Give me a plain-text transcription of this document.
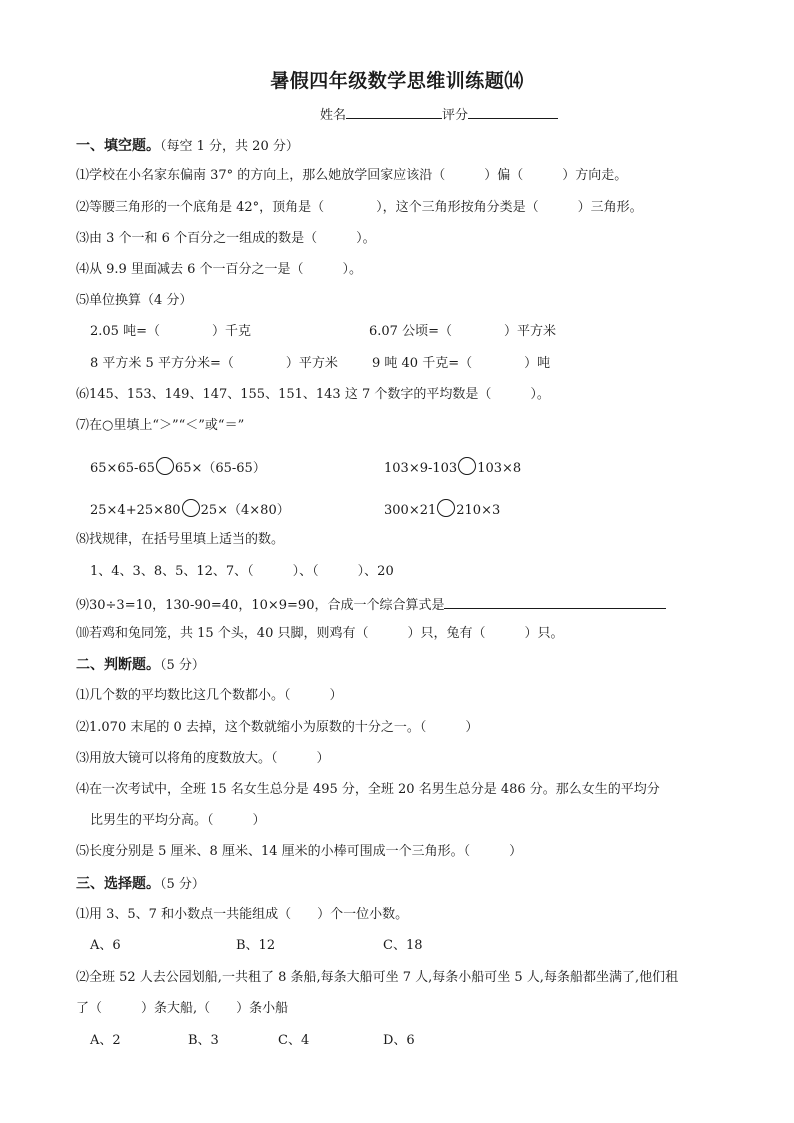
暑假四年级数学思维训练题⒁
姓名	评分
一、填空题。（每空 1 分，共 20 分）
⑴学校在小名家东偏南 37° 的方向上，那么她放学回家应该沿（　　　）偏（　　　）方向走。
⑵等腰三角形的一个底角是 42°，顶角是（　　　　），这个三角形按角分类是（　　　）三角形。
⑶由 3 个一和 6 个百分之一组成的数是（　　　）。
⑷从 9.9 里面减去 6 个一百分之一是（　　　）。
⑸单位换算（4 分）
2.05 吨=（　　　　）千克	6.07 公顷=（　　　　）平方米
8 平方米 5 平方分米=（　　　　）平方米	9 吨 40 千克=（　　　　）吨
⑹145、153、149、147、155、151、143 这 7 个数字的平均数是（　　　）。
⑺在○里填上“＞”“＜”或“＝”
65×65-65 65×（65-65）	103×9-103 103×8
25×4+25×80 25×（4×80）	300×21 210×3
⑻找规律，在括号里填上适当的数。
1、4、3、8、5、12、7、（　　　）、（　　　）、20
⑼30÷3=10，130-90=40，10×9=90，合成一个综合算式是
⑽若鸡和兔同笼，共 15 个头，40 只脚，则鸡有（　　　）只，兔有（　　　）只。
二、判断题。（5 分）
⑴几个数的平均数比这几个数都小。（　　　）
⑵1.070 末尾的 0 去掉，这个数就缩小为原数的十分之一。（　　　）
⑶用放大镜可以将角的度数放大。（　　　）
⑷在一次考试中，全班 15 名女生总分是 495 分，全班 20 名男生总分是 486 分。那么女生的平均分
比男生的平均分高。（　　　）
⑸长度分别是 5 厘米、8 厘米、14 厘米的小棒可围成一个三角形。（　　　）
三、选择题。（5 分）
⑴用 3、5、7 和小数点一共能组成（　　）个一位小数。
A、6	B、12	C、18
⑵全班 52 人去公园划船,一共租了 8 条船,每条大船可坐 7 人,每条小船可坐 5 人,每条船都坐满了,他们租
了（　　　）条大船,（　　）条小船
A、2	B、3	C、4	D、6
